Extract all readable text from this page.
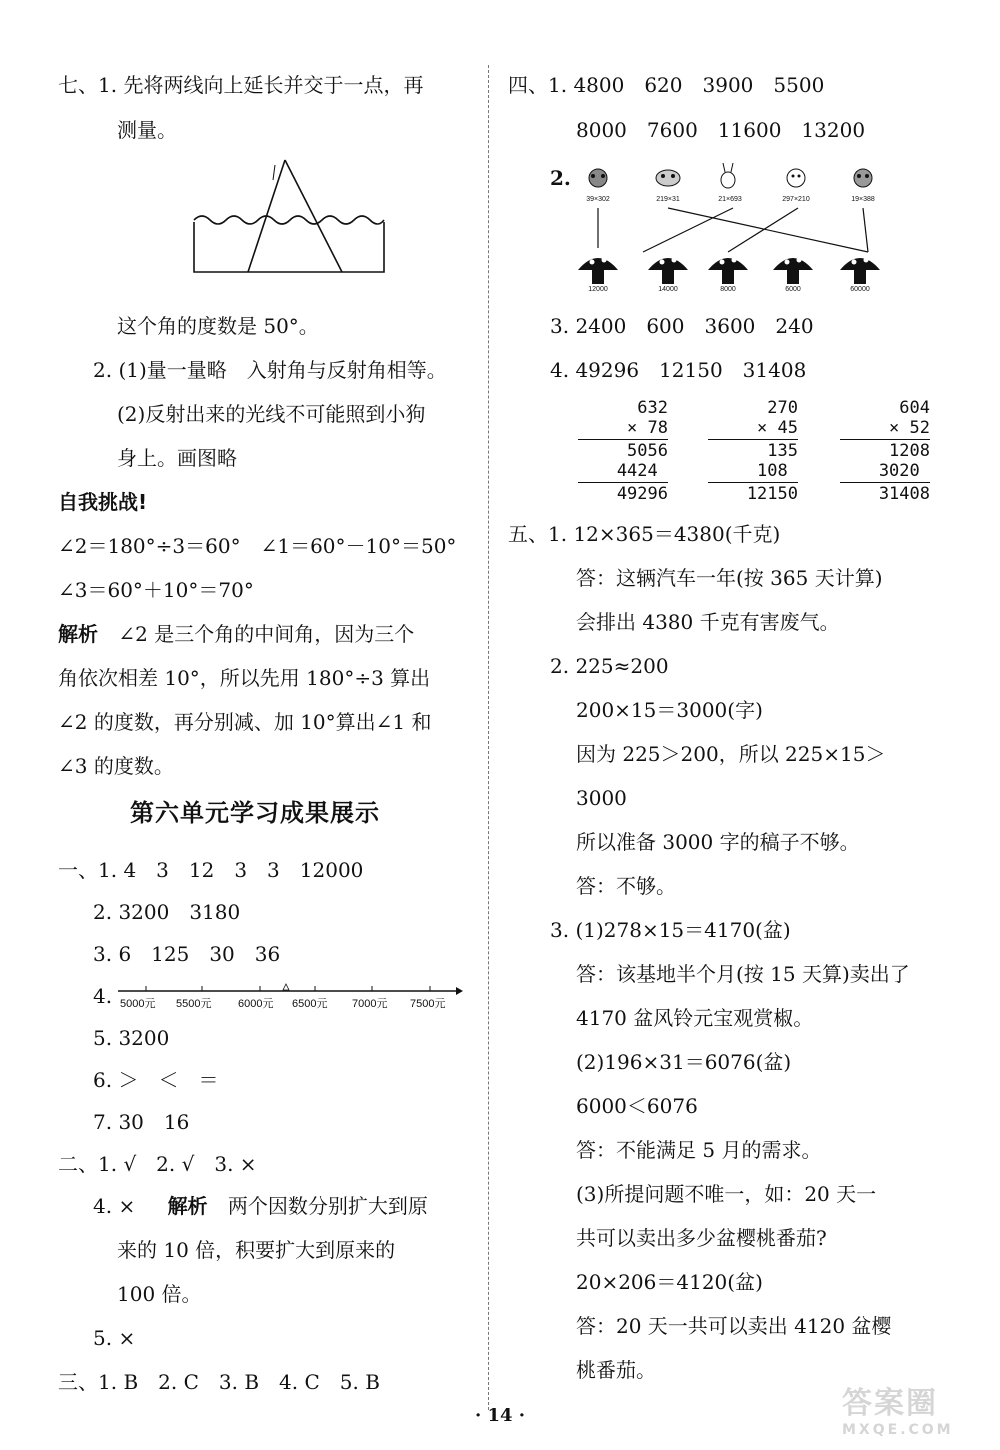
七、1. 先将两线向上延长并交于一点，再
测量。
这个角的度数是 50°。
2. (1)量一量略　入射角与反射角相等。
(2)反射出来的光线不可能照到小狗
身上。画图略
自我挑战!
∠2＝180°÷3＝60°　∠1＝60°－10°＝50°
∠3＝60°＋10°＝70°
解析 ∠2 是三个角的中间角，因为三个
角依次相差 10°，所以先用 180°÷3 算出
∠2 的度数，再分别减、加 10°算出∠1 和
∠3 的度数。
第六单元学习成果展示
一、1. 4　3　12　3　3　12000
2. 3200　3180
3. 6　125　30　36
4. 5000元 5500元 6000元 6500元 7000元 7500元
5. 3200
6. ＞　＜　＝
7. 30　16
二、1. √　2. √　3. ×
4. × 解析 两个因数分别扩大到原
来的 10 倍，积要扩大到原来的
100 倍。
5. ×
三、1. B　2. C　3. B　4. C　5. B
四、1. 4800　620　3900　5500
8000　7600　11600　13200
2.
39×302	219×31	21×693	297×210	19×388
12000	14000	8000	6000	60000
3. 2400　600　3600　240
4. 49296　12150　31408
632
× 78
5056
4424
49296
270
× 45
135
108
12150
604
× 52
1208
3020
31408
五、1. 12×365＝4380(千克)
答：这辆汽车一年(按 365 天计算)
会排出 4380 千克有害废气。
2. 225≈200
200×15＝3000(字)
因为 225＞200，所以 225×15＞
3000
所以准备 3000 字的稿子不够。
答：不够。
3. (1)278×15＝4170(盆)
答：该基地半个月(按 15 天算)卖出了
4170 盆风铃元宝观赏椒。
(2)196×31＝6076(盆)
6000＜6076
答：不能满足 5 月的需求。
(3)所提问题不唯一，如：20 天一
共可以卖出多少盆樱桃番茄?
20×206＝4120(盆)
答：20 天一共可以卖出 4120 盆樱
桃番茄。
· 14 ·	答案圈
MXQE.COM
